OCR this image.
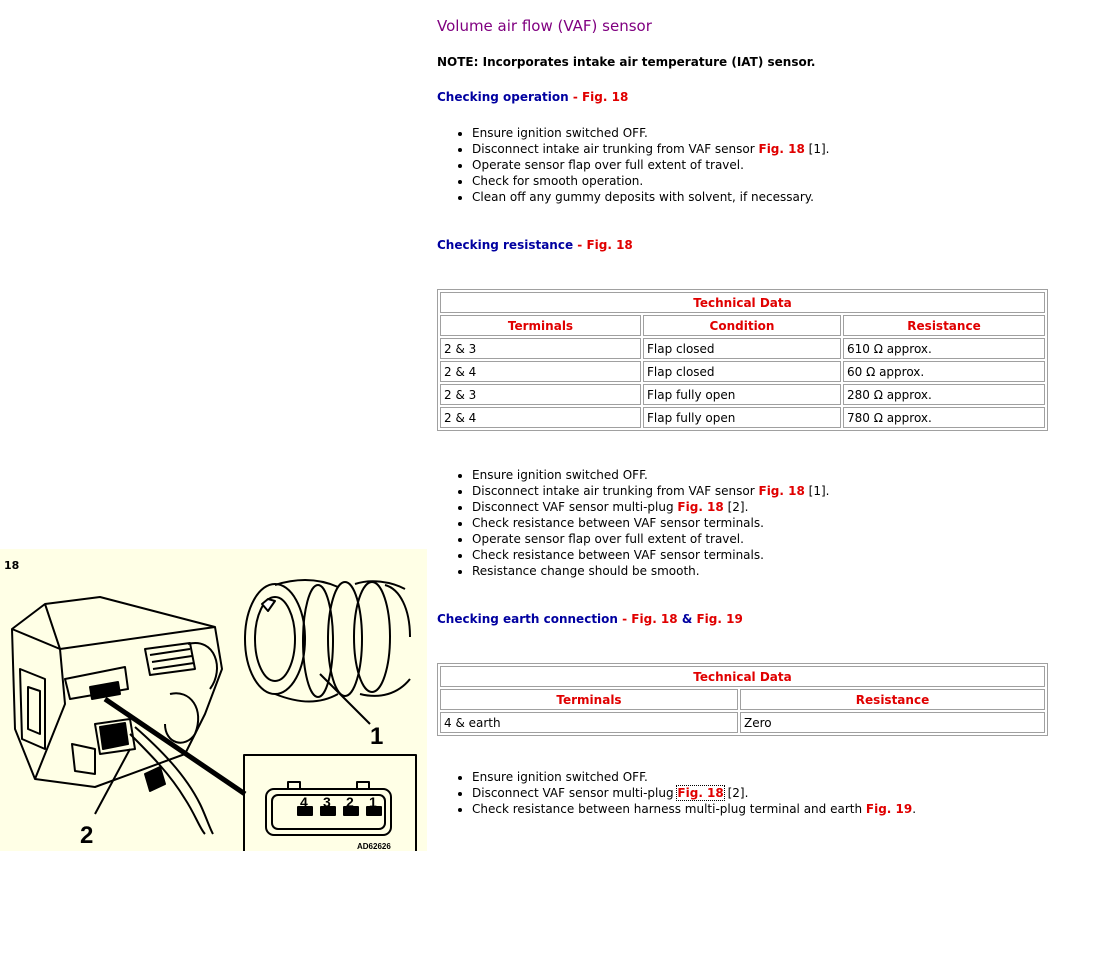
1
2
4 3 2 1
AD62626
18
Volume air flow (VAF) sensor
NOTE: Incorporates intake air temperature (IAT) sensor.
Checking operation - Fig. 18
• Ensure ignition switched OFF.
• Disconnect intake air trunking from VAF sensor Fig. 18 [1].
• Operate sensor flap over full extent of travel.
• Check for smooth operation.
• Clean off any gummy deposits with solvent, if necessary.
Checking resistance - Fig. 18
Technical Data		
Terminals	Condition	Resistance
2 & 3	Flap closed	610 Ω approx.
2 & 4	Flap closed	60 Ω approx.
2 & 3	Flap fully open	280 Ω approx.
2 & 4	Flap fully open	780 Ω approx.
• Ensure ignition switched OFF.
• Disconnect intake air trunking from VAF sensor Fig. 18 [1].
• Disconnect VAF sensor multi-plug Fig. 18 [2].
• Check resistance between VAF sensor terminals.
• Operate sensor flap over full extent of travel.
• Check resistance between VAF sensor terminals.
• Resistance change should be smooth.
Checking earth connection - Fig. 18 & Fig. 19
Technical Data	
Terminals	Resistance
4 & earth	Zero
• Ensure ignition switched OFF.
• Disconnect VAF sensor multi-plug Fig. 18 [2].
• Check resistance between harness multi-plug terminal and earth Fig. 19.
